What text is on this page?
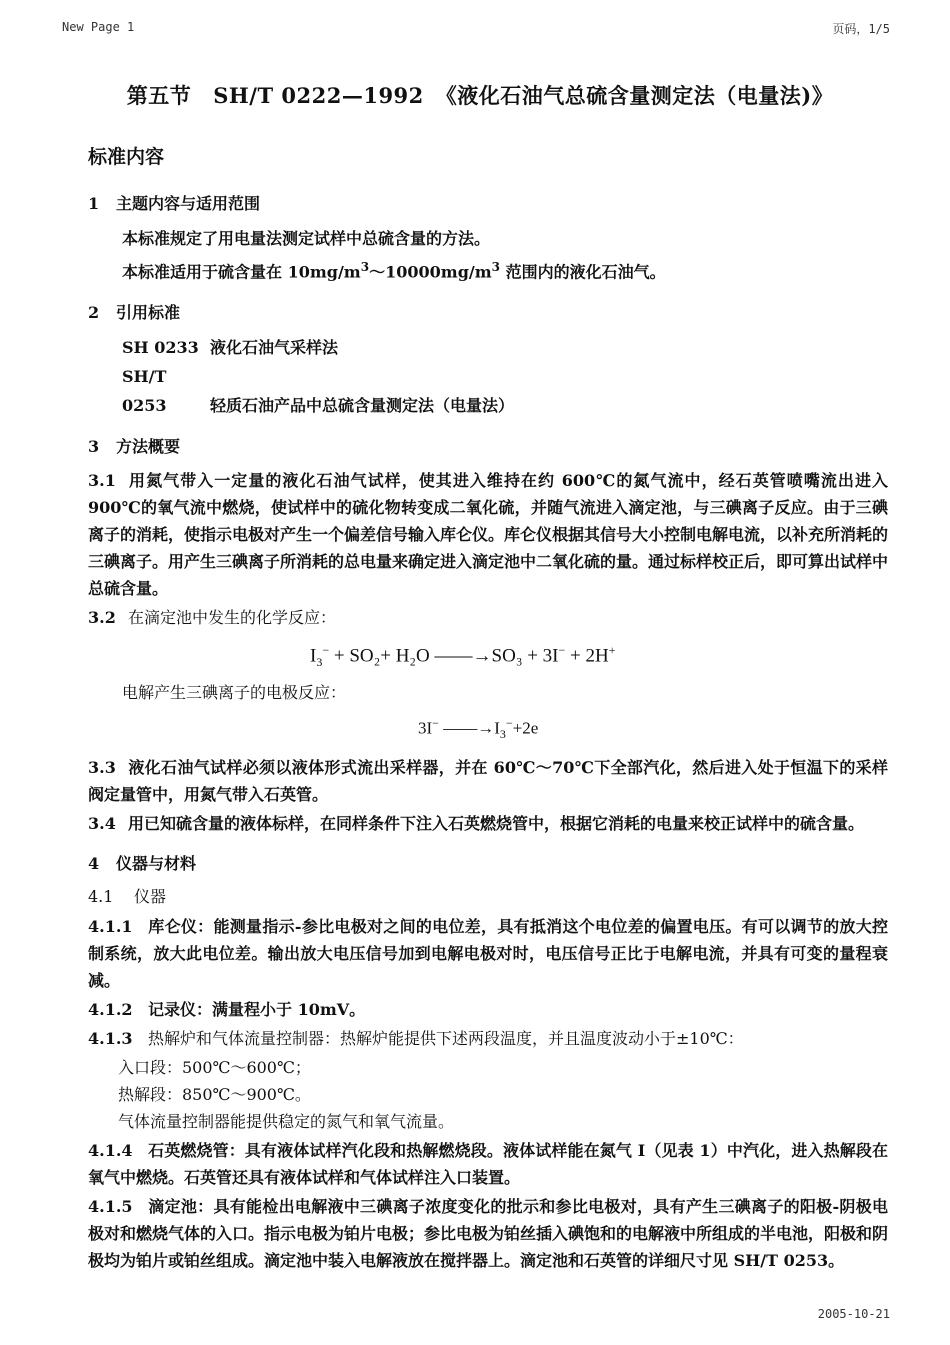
New Page 1	页码，1/5
第五节 SH/T 0222—1992 《液化石油气总硫含量测定法（电量法)》
标准内容
1 主题内容与适用范围
本标准规定了用电量法测定试样中总硫含量的方法。
本标准适用于硫含量在 $10mg/m^3\sim 10000mg/m^3$ 范围内的液化石油气。
2 引用标准
SH 0233 液化石油气采样法
SH/T 0253	轻质石油产品中总硫含量测定法（电量法）
3 方法概要
3.1 用氮气带入一定量的液化石油气试样，使其进入维持在约 600℃的氮气流中，经石英管喷嘴流出进入 900℃的氧气流中燃烧，使试样中的硫化物转变成二氧化硫，并随气流进入滴定池，与三碘离子反应。由于三碘离子的消耗，使指示电极对产生一个偏差信号输入库仑仪。库仑仪根据其信号大小控制电解电流，以补充所消耗的三碘离子。用产生三碘离子所消耗的总电量来确定进入滴定池中二氧化硫的量。通过标样校正后，即可算出试样中总硫含量。
3.2 在滴定池中发生的化学反应：
$I_3^- + SO_2+ H_2O$ ——→SO₃ + 3I− + 2H+
电解产生三碘离子的电极反应：
3I− $——\to I_3^-+2e$
3.3 液化石油气试样必须以液体形式流出采样器，并在 60℃～70℃下全部汽化，然后进入处于恒温下的采样阀定量管中，用氮气带入石英管。
3.4 用已知硫含量的液体标样，在同样条件下注入石英燃烧管中，根据它消耗的电量来校正试样中的硫含量。
4 仪器与材料
4.1 仪器
4.1.1 库仑仪：能测量指示-参比电极对之间的电位差，具有抵消这个电位差的偏置电压。有可以调节的放大控制系统，放大此电位差。输出放大电压信号加到电解电极对时，电压信号正比于电解电流，并具有可变的量程衰减。
4.1.2 记录仪：满量程小于 10mV。
4.1.3 热解炉和气体流量控制器：热解炉能提供下述两段温度，并且温度波动小于±10℃：
入口段：500℃～600℃；
热解段：850℃～900℃。
气体流量控制器能提供稳定的氮气和氧气流量。
4.1.4 石英燃烧管：具有液体试样汽化段和热解燃烧段。液体试样能在氮气 I（见表 1）中汽化，进入热解段在氧气中燃烧。石英管还具有液体试样和气体试样注入口装置。
4.1.5 滴定池：具有能检出电解液中三碘离子浓度变化的批示和参比电极对，具有产生三碘离子的阳极-阴极电极对和燃烧气体的入口。指示电极为铂片电极；参比电极为铂丝插入碘饱和的电解液中所组成的半电池，阳极和阴极均为铂片或铂丝组成。滴定池中装入电解液放在搅拌器上。滴定池和石英管的详细尺寸见 SH/T 0253。
2005-10-21
